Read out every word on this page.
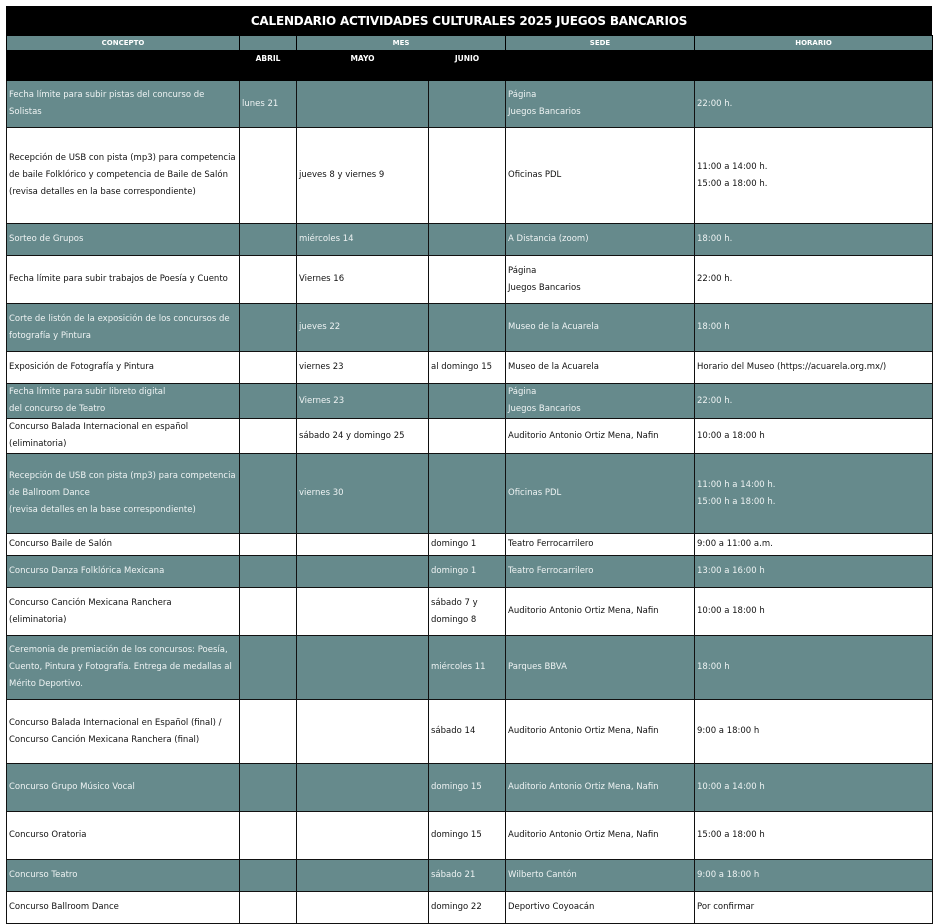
CALENDARIO ACTIVIDADES CULTURALES 2025 JUEGOS BANCARIOS
CONCEPTO		MES		SEDE	HORARIO
	ABRIL	MAYO	JUNIO		

Fecha límite para subir pistas del concurso de
Solistas	lunes 21			Página
Juegos Bancarios	22:00 h.

Recepción de USB con pista (mp3) para competencia
de baile Folklórico y competencia de Baile de Salón
(revisa detalles en la base correspondiente)		jueves 8 y viernes 9		Oficinas PDL	11:00 a 14:00 h.
15:00 a 18:00 h.

Sorteo de Grupos		miércoles 14		A Distancia (zoom)	18:00 h.

Fecha límite para subir trabajos de Poesía y Cuento		Viernes 16		Página
Juegos Bancarios	22:00 h.

Corte de listón de la exposición de los concursos de
fotografía y Pintura		jueves 22		Museo de la Acuarela	18:00 h

Exposición de Fotografía y Pintura		viernes 23	al domingo 15	Museo de la Acuarela	Horario del Museo (https://acuarela.org.mx/)

Fecha límite para subir libreto digital
del concurso de Teatro		Viernes 23		Página
Juegos Bancarios	22:00 h.

Concurso Balada Internacional en español
(eliminatoria)		sábado 24 y domingo 25		Auditorio Antonio Ortiz Mena, Nafin	10:00 a 18:00 h

Recepción de USB con pista (mp3) para competencia
de Ballroom Dance
(revisa detalles en la base correspondiente)		viernes 30		Oficinas PDL	11:00 h a 14:00 h.
15:00 h a 18:00 h.

Concurso Baile de Salón			domingo 1	Teatro Ferrocarrilero	9:00 a 11:00 a.m.

Concurso Danza Folklórica Mexicana			domingo 1	Teatro Ferrocarrilero	13:00 a 16:00 h

Concurso Canción Mexicana Ranchera
(eliminatoria)			sábado 7 y domingo 8	Auditorio Antonio Ortiz Mena, Nafin	10:00 a 18:00 h

Ceremonia de premiación de los concursos: Poesía,
Cuento, Pintura y Fotografía. Entrega de medallas al
Mérito Deportivo.			miércoles 11	Parques BBVA	18:00 h

Concurso Balada Internacional en Español (final) /
Concurso Canción Mexicana Ranchera (final)			sábado 14	Auditorio Antonio Ortiz Mena, Nafin	9:00 a 18:00 h

Concurso Grupo Músico Vocal			domingo 15	Auditorio Antonio Ortiz Mena, Nafin	10:00 a 14:00 h

Concurso Oratoria			domingo 15	Auditorio Antonio Ortiz Mena, Nafin	15:00 a 18:00 h

Concurso Teatro			sábado 21	Wilberto Cantón	9:00 a 18:00 h

Concurso Ballroom Dance			domingo 22	Deportivo Coyoacán	Por confirmar
